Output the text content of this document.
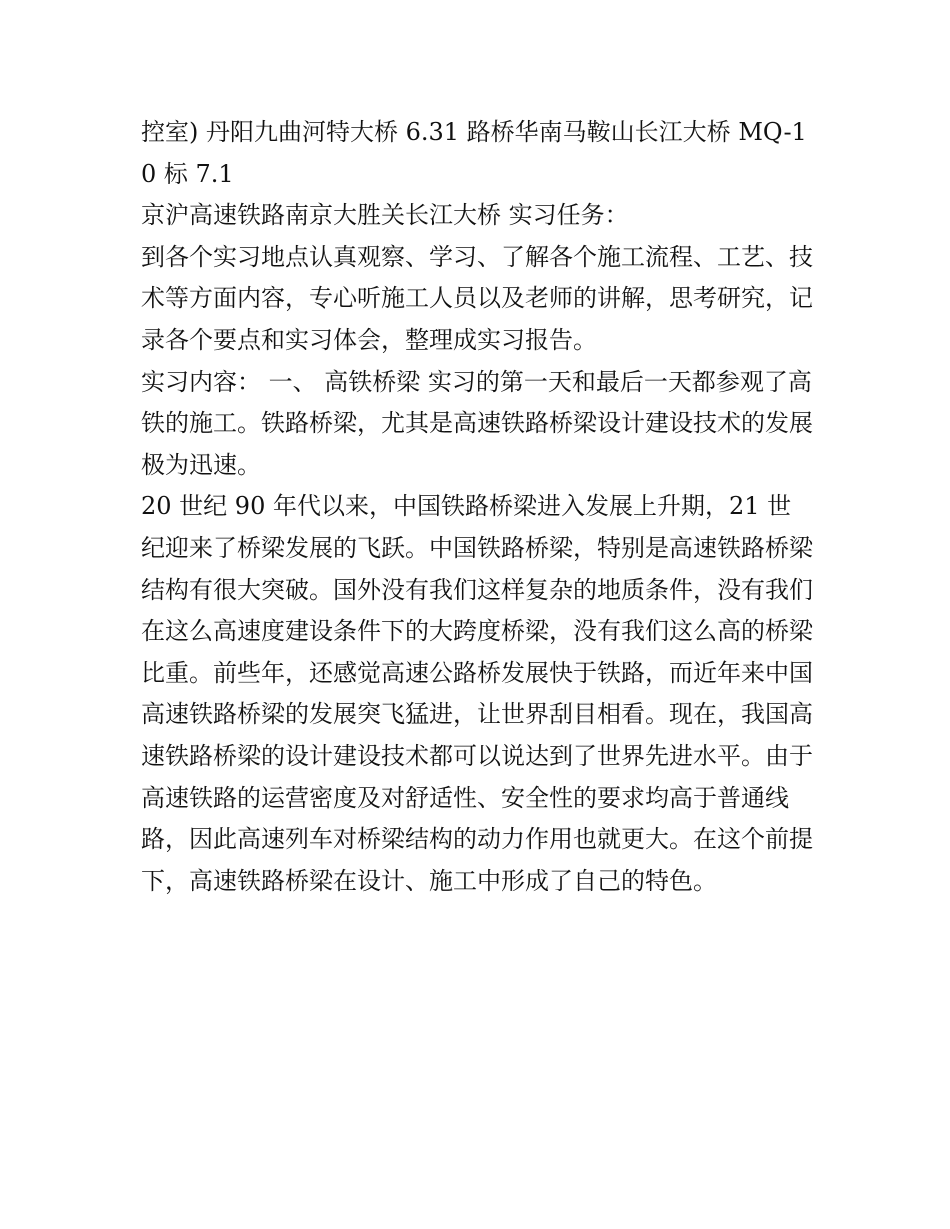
控室) 丹阳九曲河特大桥 6.31 路桥华南马鞍山长江大桥 MQ-10 标 7.1

京沪高速铁路南京大胜关长江大桥 实习任务：

到各个实习地点认真观察、学习、了解各个施工流程、工艺、技术等方面内容，专心听施工人员以及老师的讲解，思考研究，记录各个要点和实习体会，整理成实习报告。

实习内容： 一、 高铁桥梁 实习的第一天和最后一天都参观了高铁的施工。铁路桥梁，尤其是高速铁路桥梁设计建设技术的发展极为迅速。

20 世纪 90 年代以来，中国铁路桥梁进入发展上升期，21 世纪迎来了桥梁发展的飞跃。中国铁路桥梁，特别是高速铁路桥梁结构有很大突破。国外没有我们这样复杂的地质条件，没有我们在这么高速度建设条件下的大跨度桥梁，没有我们这么高的桥梁比重。前些年，还感觉高速公路桥发展快于铁路，而近年来中国高速铁路桥梁的发展突飞猛进，让世界刮目相看。现在，我国高速铁路桥梁的设计建设技术都可以说达到了世界先进水平。由于高速铁路的运营密度及对舒适性、安全性的要求均高于普通线路，因此高速列车对桥梁结构的动力作用也就更大。在这个前提下，高速铁路桥梁在设计、施工中形成了自己的特色。
